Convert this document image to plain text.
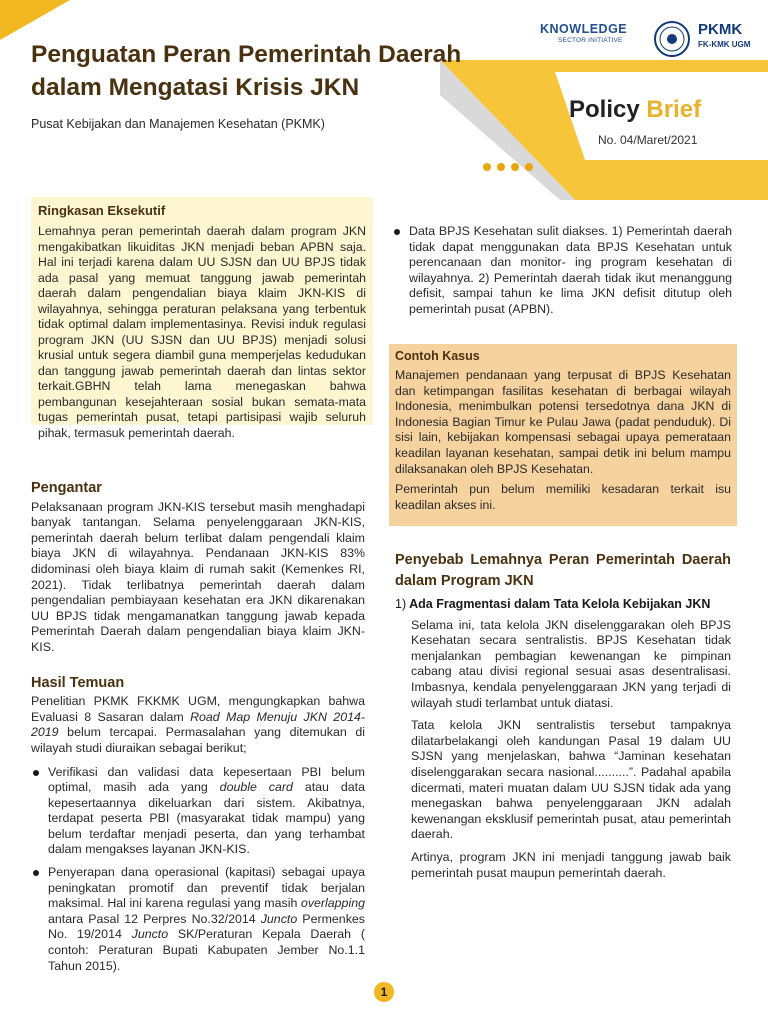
Penguatan Peran Pemerintah Daerah
dalam Mengatasi Krisis JKN
Pusat Kebijakan dan Manajemen Kesehatan (PKMK)
KNOWLEDGE
SECTOR INITIATIVE
PKMK
FK-KMK UGM
Policy Brief
No. 04/Maret/2021
Ringkasan Eksekutif

Lemahnya peran pemerintah daerah dalam program JKN mengakibatkan likuiditas JKN menjadi beban APBN saja. Hal ini terjadi karena dalam UU SJSN dan UU BPJS tidak ada pasal yang memuat tanggung jawab pemerintah daerah dalam pengendalian biaya klaim JKN-KIS di wilayahnya, sehingga peraturan pelaksana yang terbentuk tidak optimal dalam implementasinya. Revisi induk regulasi program JKN (UU SJSN dan UU BPJS) menjadi solusi krusial untuk segera diambil guna memperjelas kedudukan dan tanggung jawab pemerintah daerah dan lintas sektor terkait.GBHN telah lama menegaskan bahwa pembangunan kesejahteraan sosial bukan semata-mata tugas pemerintah pusat, tetapi partisipasi wajib seluruh pihak, termasuk pemerintah daerah.

Pengantar

Pelaksanaan program JKN-KIS tersebut masih menghadapi banyak tantangan. Selama penyelenggaraan JKN-KIS, pemerintah daerah belum terlibat dalam pengendali klaim biaya JKN di wilayahnya. Pendanaan JKN-KIS 83% didominasi oleh biaya klaim di rumah sakit (Kemenkes RI, 2021). Tidak terlibatnya pemerintah daerah dalam pengendalian pembiayaan kesehatan era JKN dikarenakan UU BPJS tidak mengamanatkan tanggung jawab kepada Pemerintah Daerah dalam pengendalian biaya klaim JKN-KIS.

Hasil Temuan

Penelitian PKMK FKKMK UGM, mengungkapkan bahwa Evaluasi 8 Sasaran dalam Road Map Menuju JKN 2014-2019 belum tercapai. Permasalahan yang ditemukan di wilayah studi diuraikan sebagai berikut;

Verifikasi dan validasi data kepesertaan PBI belum optimal, masih ada yang double card atau data kepesertaannya dikeluarkan dari sistem. Akibatnya, terdapat peserta PBI (masyarakat tidak mampu) yang belum terdaftar menjadi peserta, dan yang terhambat dalam mengakses layanan JKN-KIS.
Penyerapan dana operasional (kapitasi) sebagai upaya peningkatan promotif dan preventif tidak berjalan maksimal. Hal ini karena regulasi yang masih overlapping antara Pasal 12 Perpres No.32/2014 Juncto Permenkes No. 19/2014 Juncto SK/Peraturan Kepala Daerah ( contoh: Peraturan Bupati Kabupaten Jember No.1.1 Tahun 2015).
Data BPJS Kesehatan sulit diakses. 1) Pemerintah daerah tidak dapat menggunakan data BPJS Kesehatan untuk perencanaan dan monitor- ing program kesehatan di wilayahnya. 2) Pemerintah daerah tidak ikut menanggung defisit, sampai tahun ke lima JKN defisit ditutup oleh pemerintah pusat (APBN).
Contoh Kasus

Manajemen pendanaan yang terpusat di BPJS Kesehatan dan ketimpangan fasilitas kesehatan di berbagai wilayah Indonesia, menimbulkan potensi tersedotnya dana JKN di Indonesia Bagian Timur ke Pulau Jawa (padat penduduk). Di sisi lain, kebijakan kompensasi sebagai upaya pemerataan keadilan layanan kesehatan, sampai detik ini belum mampu dilaksanakan oleh BPJS Kesehatan.

Pemerintah pun belum memiliki kesadaran terkait isu keadilan akses ini.

Penyebab Lemahnya Peran Pemerintah Daerah dalam Program JKN
1) Ada Fragmentasi dalam Tata Kelola Kebijakan JKN

Selama ini, tata kelola JKN diselenggarakan oleh BPJS Kesehatan secara sentralistis. BPJS Kesehatan tidak menjalankan pembagian kewenangan ke pimpinan cabang atau divisi regional sesuai asas desentralisasi. Imbasnya, kendala penyelenggaraan JKN yang terjadi di wilayah studi terlambat untuk diatasi.

Tata kelola JKN sentralistis tersebut tampaknya dilatarbelakangi oleh kandungan Pasal 19 dalam UU SJSN yang menjelaskan, bahwa “Jaminan kesehatan diselenggarakan secara nasional..........”. Padahal apabila dicermati, materi muatan dalam UU SJSN tidak ada yang menegaskan bahwa penyelenggaraan JKN adalah kewenangan eksklusif pemerintah pusat, atau pemerintah daerah.

Artinya, program JKN ini menjadi tanggung jawab baik pemerintah pusat maupun pemerintah daerah.

1
